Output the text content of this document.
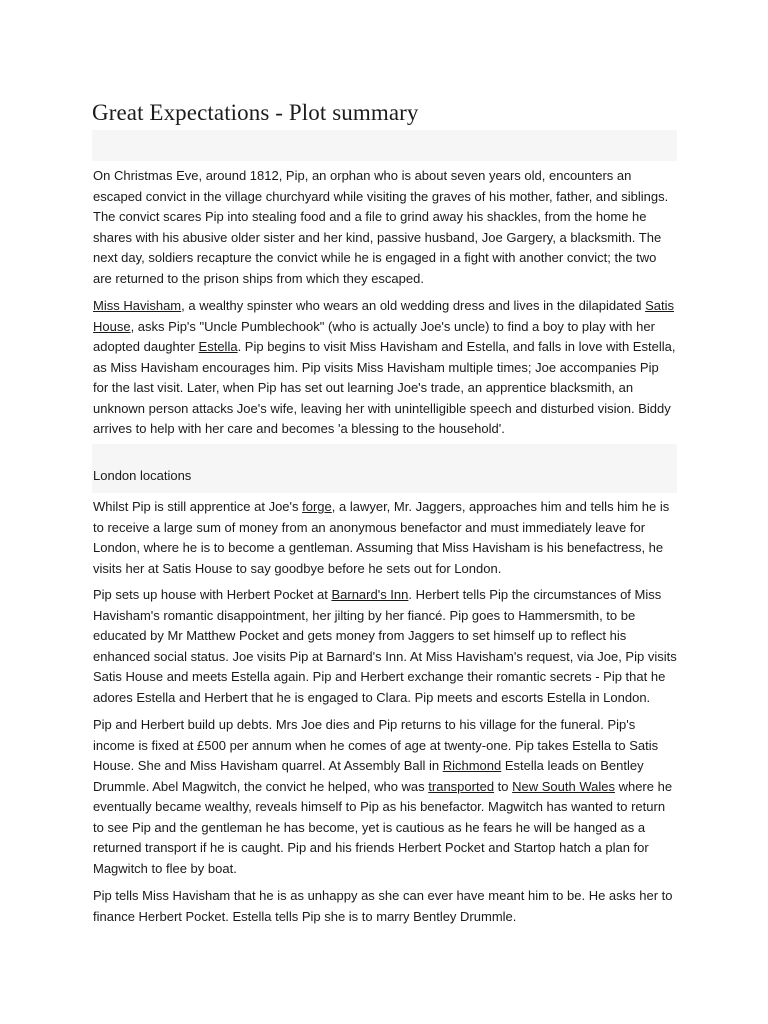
Great Expectations - Plot summary

On Christmas Eve, around 1812, Pip, an orphan who is about seven years old, encounters an escaped convict in the village churchyard while visiting the graves of his mother, father, and siblings. The convict scares Pip into stealing food and a file to grind away his shackles, from the home he shares with his abusive older sister and her kind, passive husband, Joe Gargery, a blacksmith. The next day, soldiers recapture the convict while he is engaged in a fight with another convict; the two are returned to the prison ships from which they escaped.

Miss Havisham, a wealthy spinster who wears an old wedding dress and lives in the dilapidated Satis House, asks Pip's "Uncle Pumblechook" (who is actually Joe's uncle) to find a boy to play with her adopted daughter Estella. Pip begins to visit Miss Havisham and Estella, and falls in love with Estella, as Miss Havisham encourages him. Pip visits Miss Havisham multiple times; Joe accompanies Pip for the last visit. Later, when Pip has set out learning Joe's trade, an apprentice blacksmith, an unknown person attacks Joe's wife, leaving her with unintelligible speech and disturbed vision. Biddy arrives to help with her care and becomes 'a blessing to the household'.

London locations

Whilst Pip is still apprentice at Joe's forge, a lawyer, Mr. Jaggers, approaches him and tells him he is to receive a large sum of money from an anonymous benefactor and must immediately leave for London, where he is to become a gentleman. Assuming that Miss Havisham is his benefactress, he visits her at Satis House to say goodbye before he sets out for London.

Pip sets up house with Herbert Pocket at Barnard's Inn. Herbert tells Pip the circumstances of Miss Havisham's romantic disappointment, her jilting by her fiancé. Pip goes to Hammersmith, to be educated by Mr Matthew Pocket and gets money from Jaggers to set himself up to reflect his enhanced social status. Joe visits Pip at Barnard's Inn. At Miss Havisham's request, via Joe, Pip visits Satis House and meets Estella again. Pip and Herbert exchange their romantic secrets - Pip that he adores Estella and Herbert that he is engaged to Clara. Pip meets and escorts Estella in London.

Pip and Herbert build up debts. Mrs Joe dies and Pip returns to his village for the funeral. Pip's income is fixed at £500 per annum when he comes of age at twenty-one. Pip takes Estella to Satis House. She and Miss Havisham quarrel. At Assembly Ball in Richmond Estella leads on Bentley Drummle. Abel Magwitch, the convict he helped, who was transported to New South Wales where he eventually became wealthy, reveals himself to Pip as his benefactor. Magwitch has wanted to return to see Pip and the gentleman he has become, yet is cautious as he fears he will be hanged as a returned transport if he is caught. Pip and his friends Herbert Pocket and Startop hatch a plan for Magwitch to flee by boat.

Pip tells Miss Havisham that he is as unhappy as she can ever have meant him to be. He asks her to finance Herbert Pocket. Estella tells Pip she is to marry Bentley Drummle.
